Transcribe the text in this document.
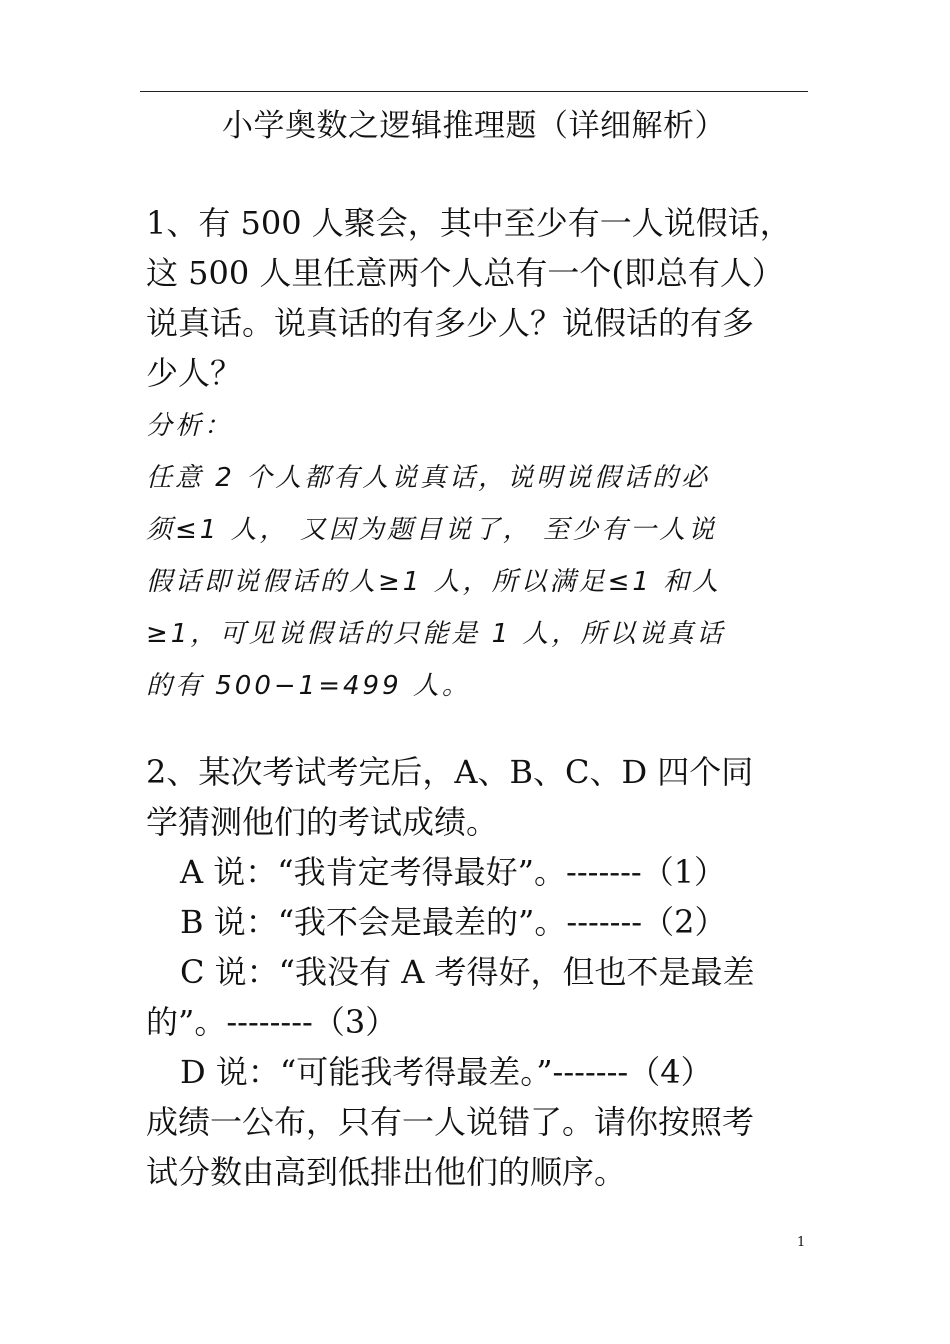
小学奥数之逻辑推理题（详细解析）

1、有 500 人聚会，其中至少有一人说假话，

这 500 人里任意两个人总有一个(即总有人）

说真话。说真话的有多少人？说假话的有多

少人？

分析：

任意 2 个人都有人说真话，说明说假话的必

须≤1 人， 又因为题目说了， 至少有一人说

假话即说假话的人≥1 人，所以满足≤1 和人

≥1，可见说假话的只能是 1 人，所以说真话

的有 500−1=499 人。

2、某次考试考完后，A、B、C、D 四个同

学猜测他们的考试成绩。

A 说：“我肯定考得最好”。-------（1）

B 说：“我不会是最差的”。-------（2）

C 说：“我没有 A 考得好，但也不是最差

的”。--------（3）

D 说：“可能我考得最差。”-------（4）

成绩一公布，只有一人说错了。请你按照考

试分数由高到低排出他们的顺序。

1
